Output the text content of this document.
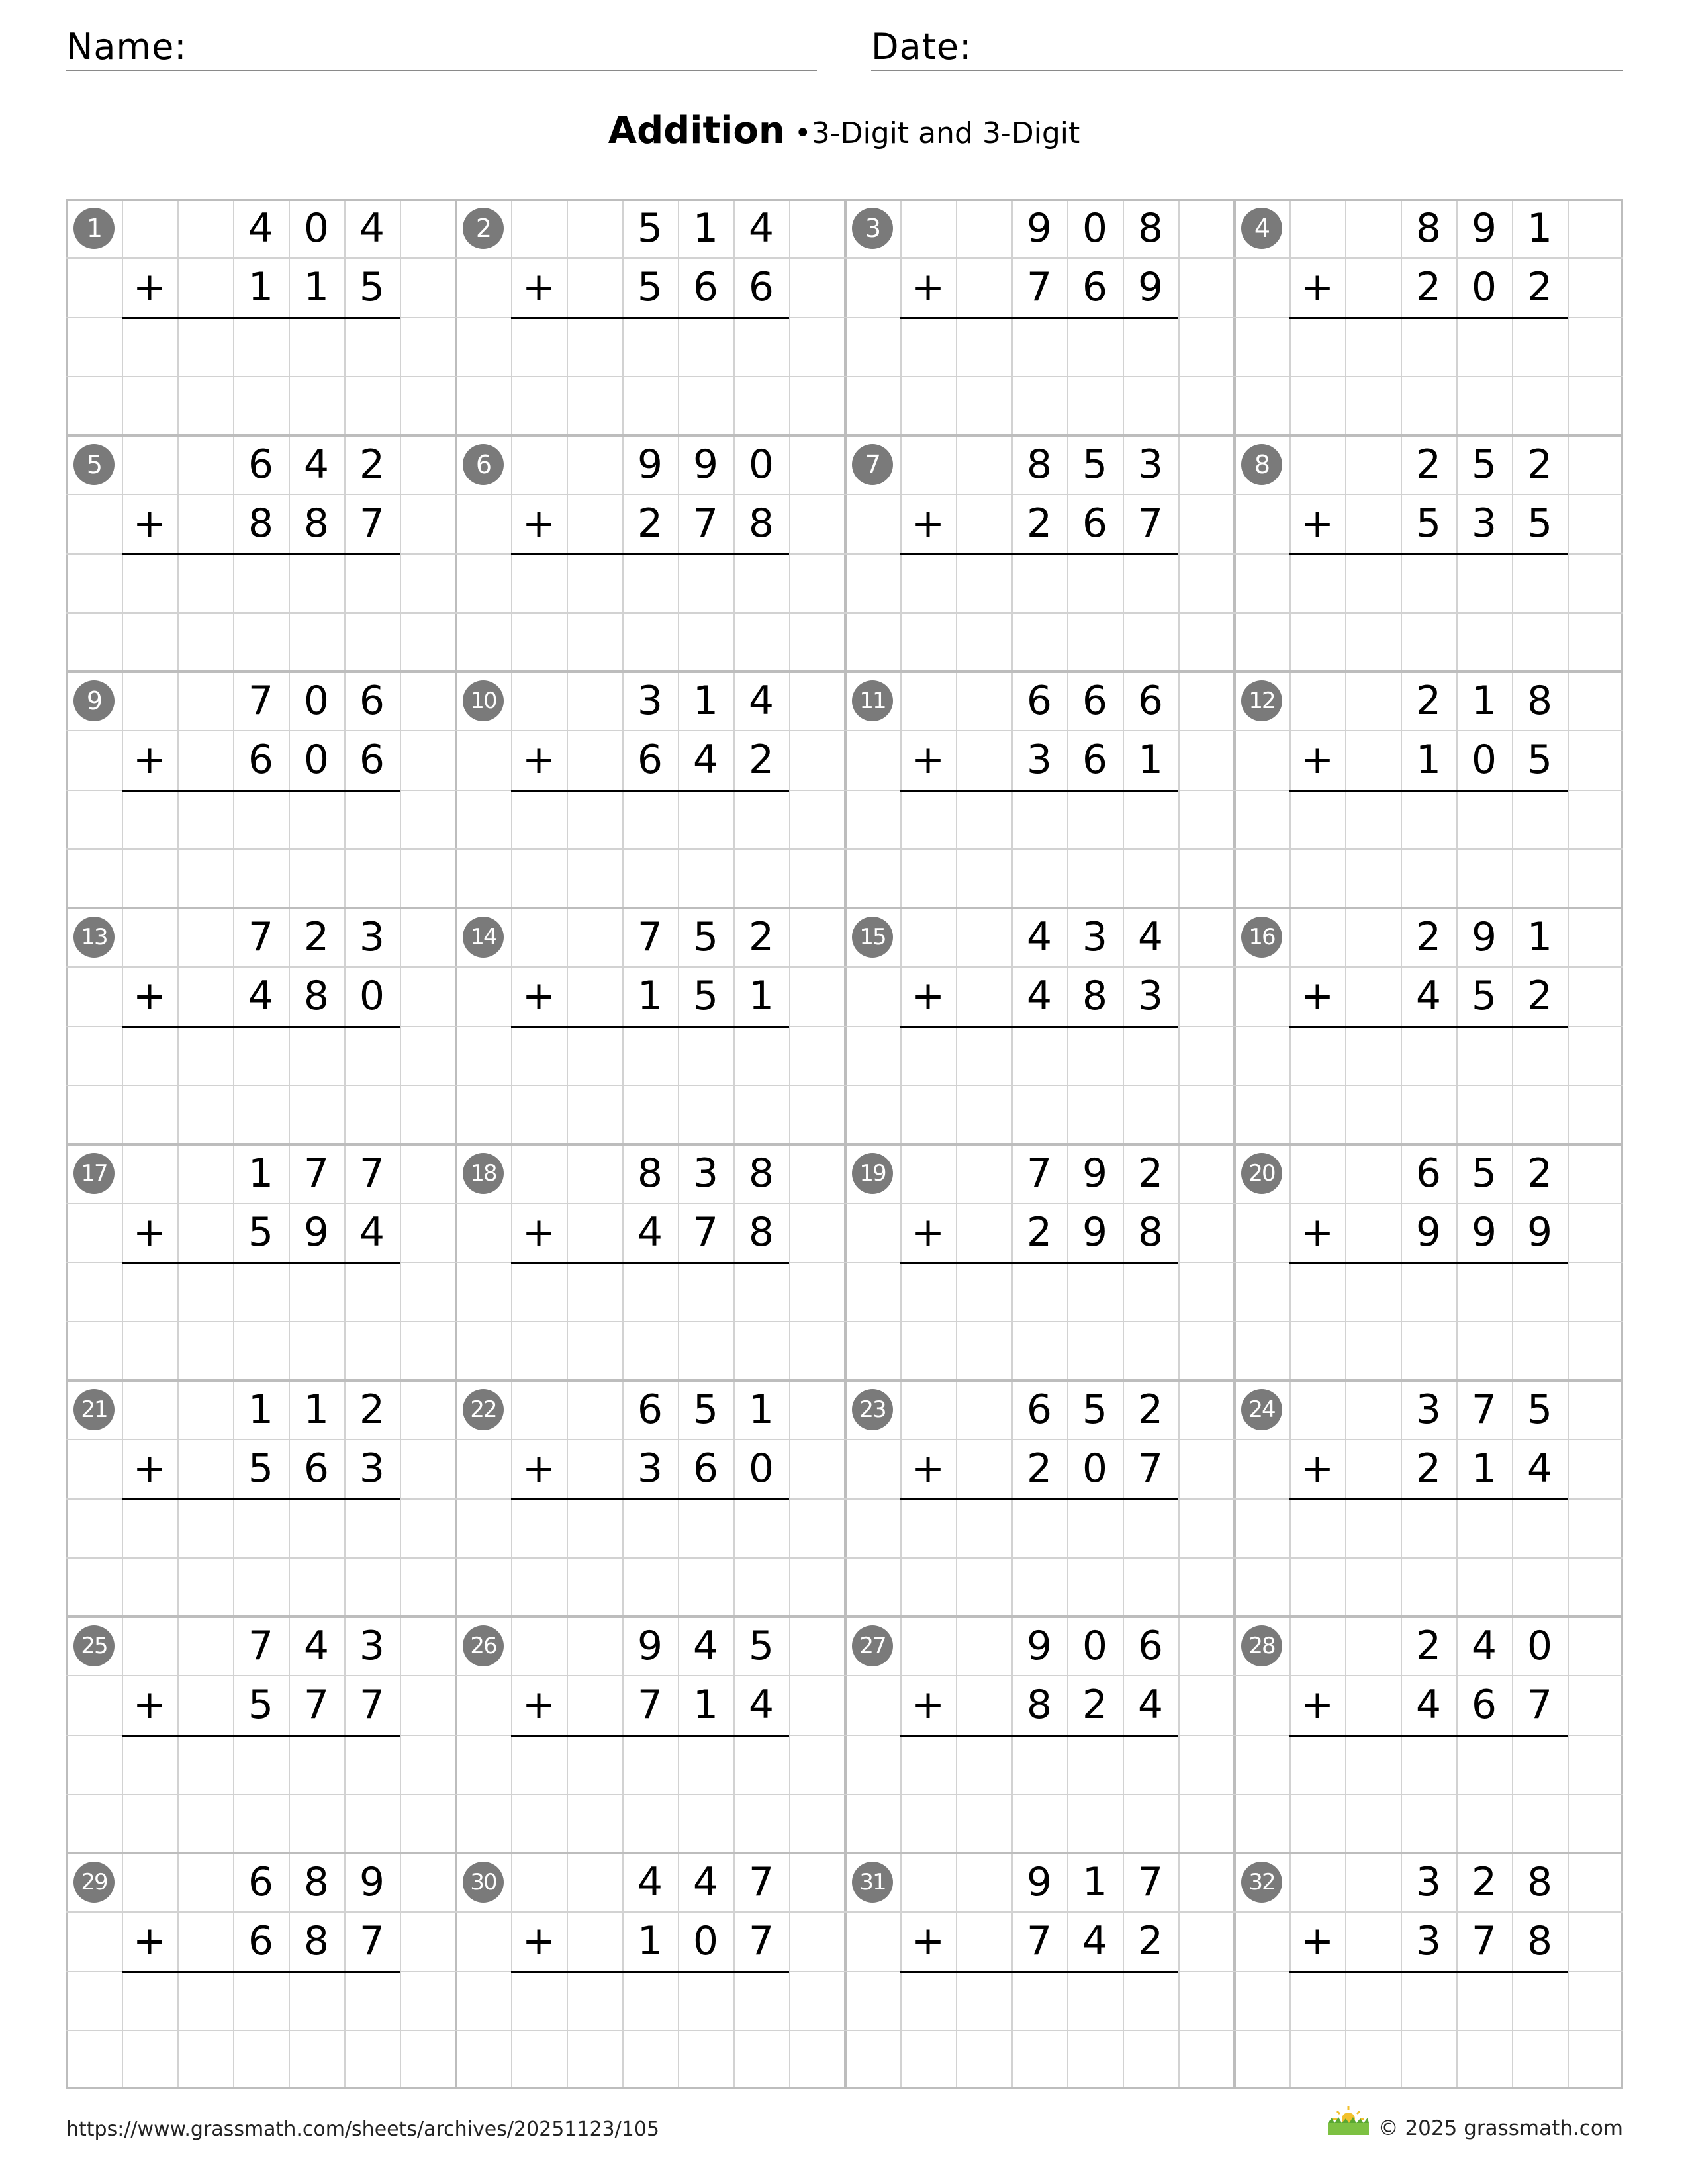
Name:	Date:
Addition •3-Digit and 3-Digit
1	4 0 4
+	1 1 5
2	5 1 4
+	5 6 6
3	9 0 8
+	7 6 9
4	8 9 1
+	2 0 2
5	6 4 2
+	8 8 7
6	9 9 0
+	2 7 8
7	8 5 3
+	2 6 7
8	2 5 2
+	5 3 5
9	7 0 6
+	6 0 6
10	3 1 4
+	6 4 2
11	6 6 6
+	3 6 1
12	2 1 8
+	1 0 5
13	7 2 3
+	4 8 0
14	7 5 2
+	1 5 1
15	4 3 4
+	4 8 3
16	2 9 1
+	4 5 2
17	1 7 7
+	5 9 4
18	8 3 8
+	4 7 8
19	7 9 2
+	2 9 8
20	6 5 2
+	9 9 9
21	1 1 2
+	5 6 3
22	6 5 1
+	3 6 0
23	6 5 2
+	2 0 7
24	3 7 5
+	2 1 4
25	7 4 3
+	5 7 7
26	9 4 5
+	7 1 4
27	9 0 6
+	8 2 4
28	2 4 0
+	4 6 7
29	6 8 9
+	6 8 7
30	4 4 7
+	1 0 7
31	9 1 7
+	7 4 2
32	3 2 8
+	3 7 8
https://www.grassmath.com/sheets/archives/20251123/105	© 2025 grassmath.com
